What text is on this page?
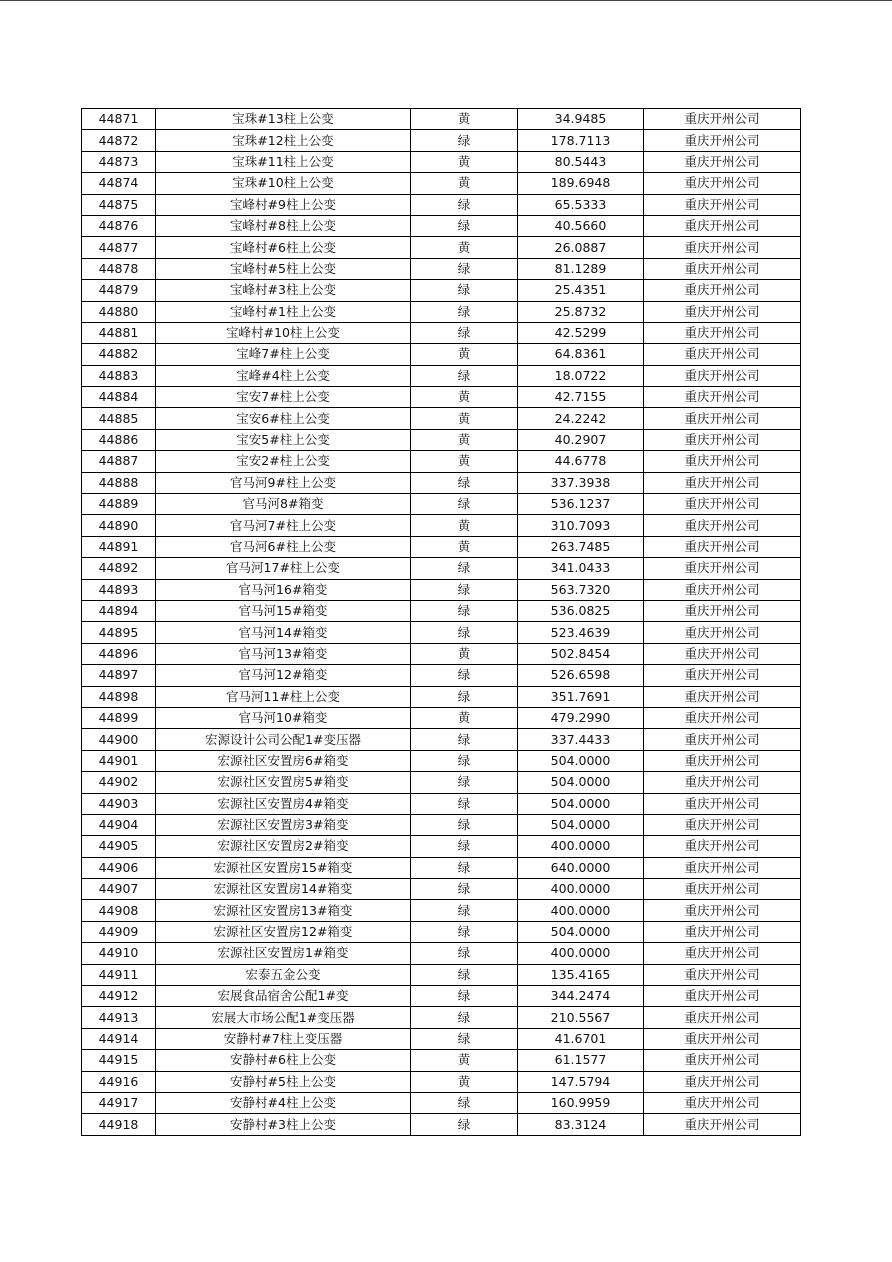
44871	宝珠#13柱上公变	黄	34.9485	重庆开州公司
44872	宝珠#12柱上公变	绿	178.7113	重庆开州公司
44873	宝珠#11柱上公变	黄	80.5443	重庆开州公司
44874	宝珠#10柱上公变	黄	189.6948	重庆开州公司
44875	宝峰村#9柱上公变	绿	65.5333	重庆开州公司
44876	宝峰村#8柱上公变	绿	40.5660	重庆开州公司
44877	宝峰村#6柱上公变	黄	26.0887	重庆开州公司
44878	宝峰村#5柱上公变	绿	81.1289	重庆开州公司
44879	宝峰村#3柱上公变	绿	25.4351	重庆开州公司
44880	宝峰村#1柱上公变	绿	25.8732	重庆开州公司
44881	宝峰村#10柱上公变	绿	42.5299	重庆开州公司
44882	宝峰7#柱上公变	黄	64.8361	重庆开州公司
44883	宝峰#4柱上公变	绿	18.0722	重庆开州公司
44884	宝安7#柱上公变	黄	42.7155	重庆开州公司
44885	宝安6#柱上公变	黄	24.2242	重庆开州公司
44886	宝安5#柱上公变	黄	40.2907	重庆开州公司
44887	宝安2#柱上公变	黄	44.6778	重庆开州公司
44888	官马河9#柱上公变	绿	337.3938	重庆开州公司
44889	官马河8#箱变	绿	536.1237	重庆开州公司
44890	官马河7#柱上公变	黄	310.7093	重庆开州公司
44891	官马河6#柱上公变	黄	263.7485	重庆开州公司
44892	官马河17#柱上公变	绿	341.0433	重庆开州公司
44893	官马河16#箱变	绿	563.7320	重庆开州公司
44894	官马河15#箱变	绿	536.0825	重庆开州公司
44895	官马河14#箱变	绿	523.4639	重庆开州公司
44896	官马河13#箱变	黄	502.8454	重庆开州公司
44897	官马河12#箱变	绿	526.6598	重庆开州公司
44898	官马河11#柱上公变	绿	351.7691	重庆开州公司
44899	官马河10#箱变	黄	479.2990	重庆开州公司
44900	宏源设计公司公配1#变压器	绿	337.4433	重庆开州公司
44901	宏源社区安置房6#箱变	绿	504.0000	重庆开州公司
44902	宏源社区安置房5#箱变	绿	504.0000	重庆开州公司
44903	宏源社区安置房4#箱变	绿	504.0000	重庆开州公司
44904	宏源社区安置房3#箱变	绿	504.0000	重庆开州公司
44905	宏源社区安置房2#箱变	绿	400.0000	重庆开州公司
44906	宏源社区安置房15#箱变	绿	640.0000	重庆开州公司
44907	宏源社区安置房14#箱变	绿	400.0000	重庆开州公司
44908	宏源社区安置房13#箱变	绿	400.0000	重庆开州公司
44909	宏源社区安置房12#箱变	绿	504.0000	重庆开州公司
44910	宏源社区安置房1#箱变	绿	400.0000	重庆开州公司
44911	宏泰五金公变	绿	135.4165	重庆开州公司
44912	宏展食品宿舍公配1#变	绿	344.2474	重庆开州公司
44913	宏展大市场公配1#变压器	绿	210.5567	重庆开州公司
44914	安静村#7柱上变压器	绿	41.6701	重庆开州公司
44915	安静村#6柱上公变	黄	61.1577	重庆开州公司
44916	安静村#5柱上公变	黄	147.5794	重庆开州公司
44917	安静村#4柱上公变	绿	160.9959	重庆开州公司
44918	安静村#3柱上公变	绿	83.3124	重庆开州公司
